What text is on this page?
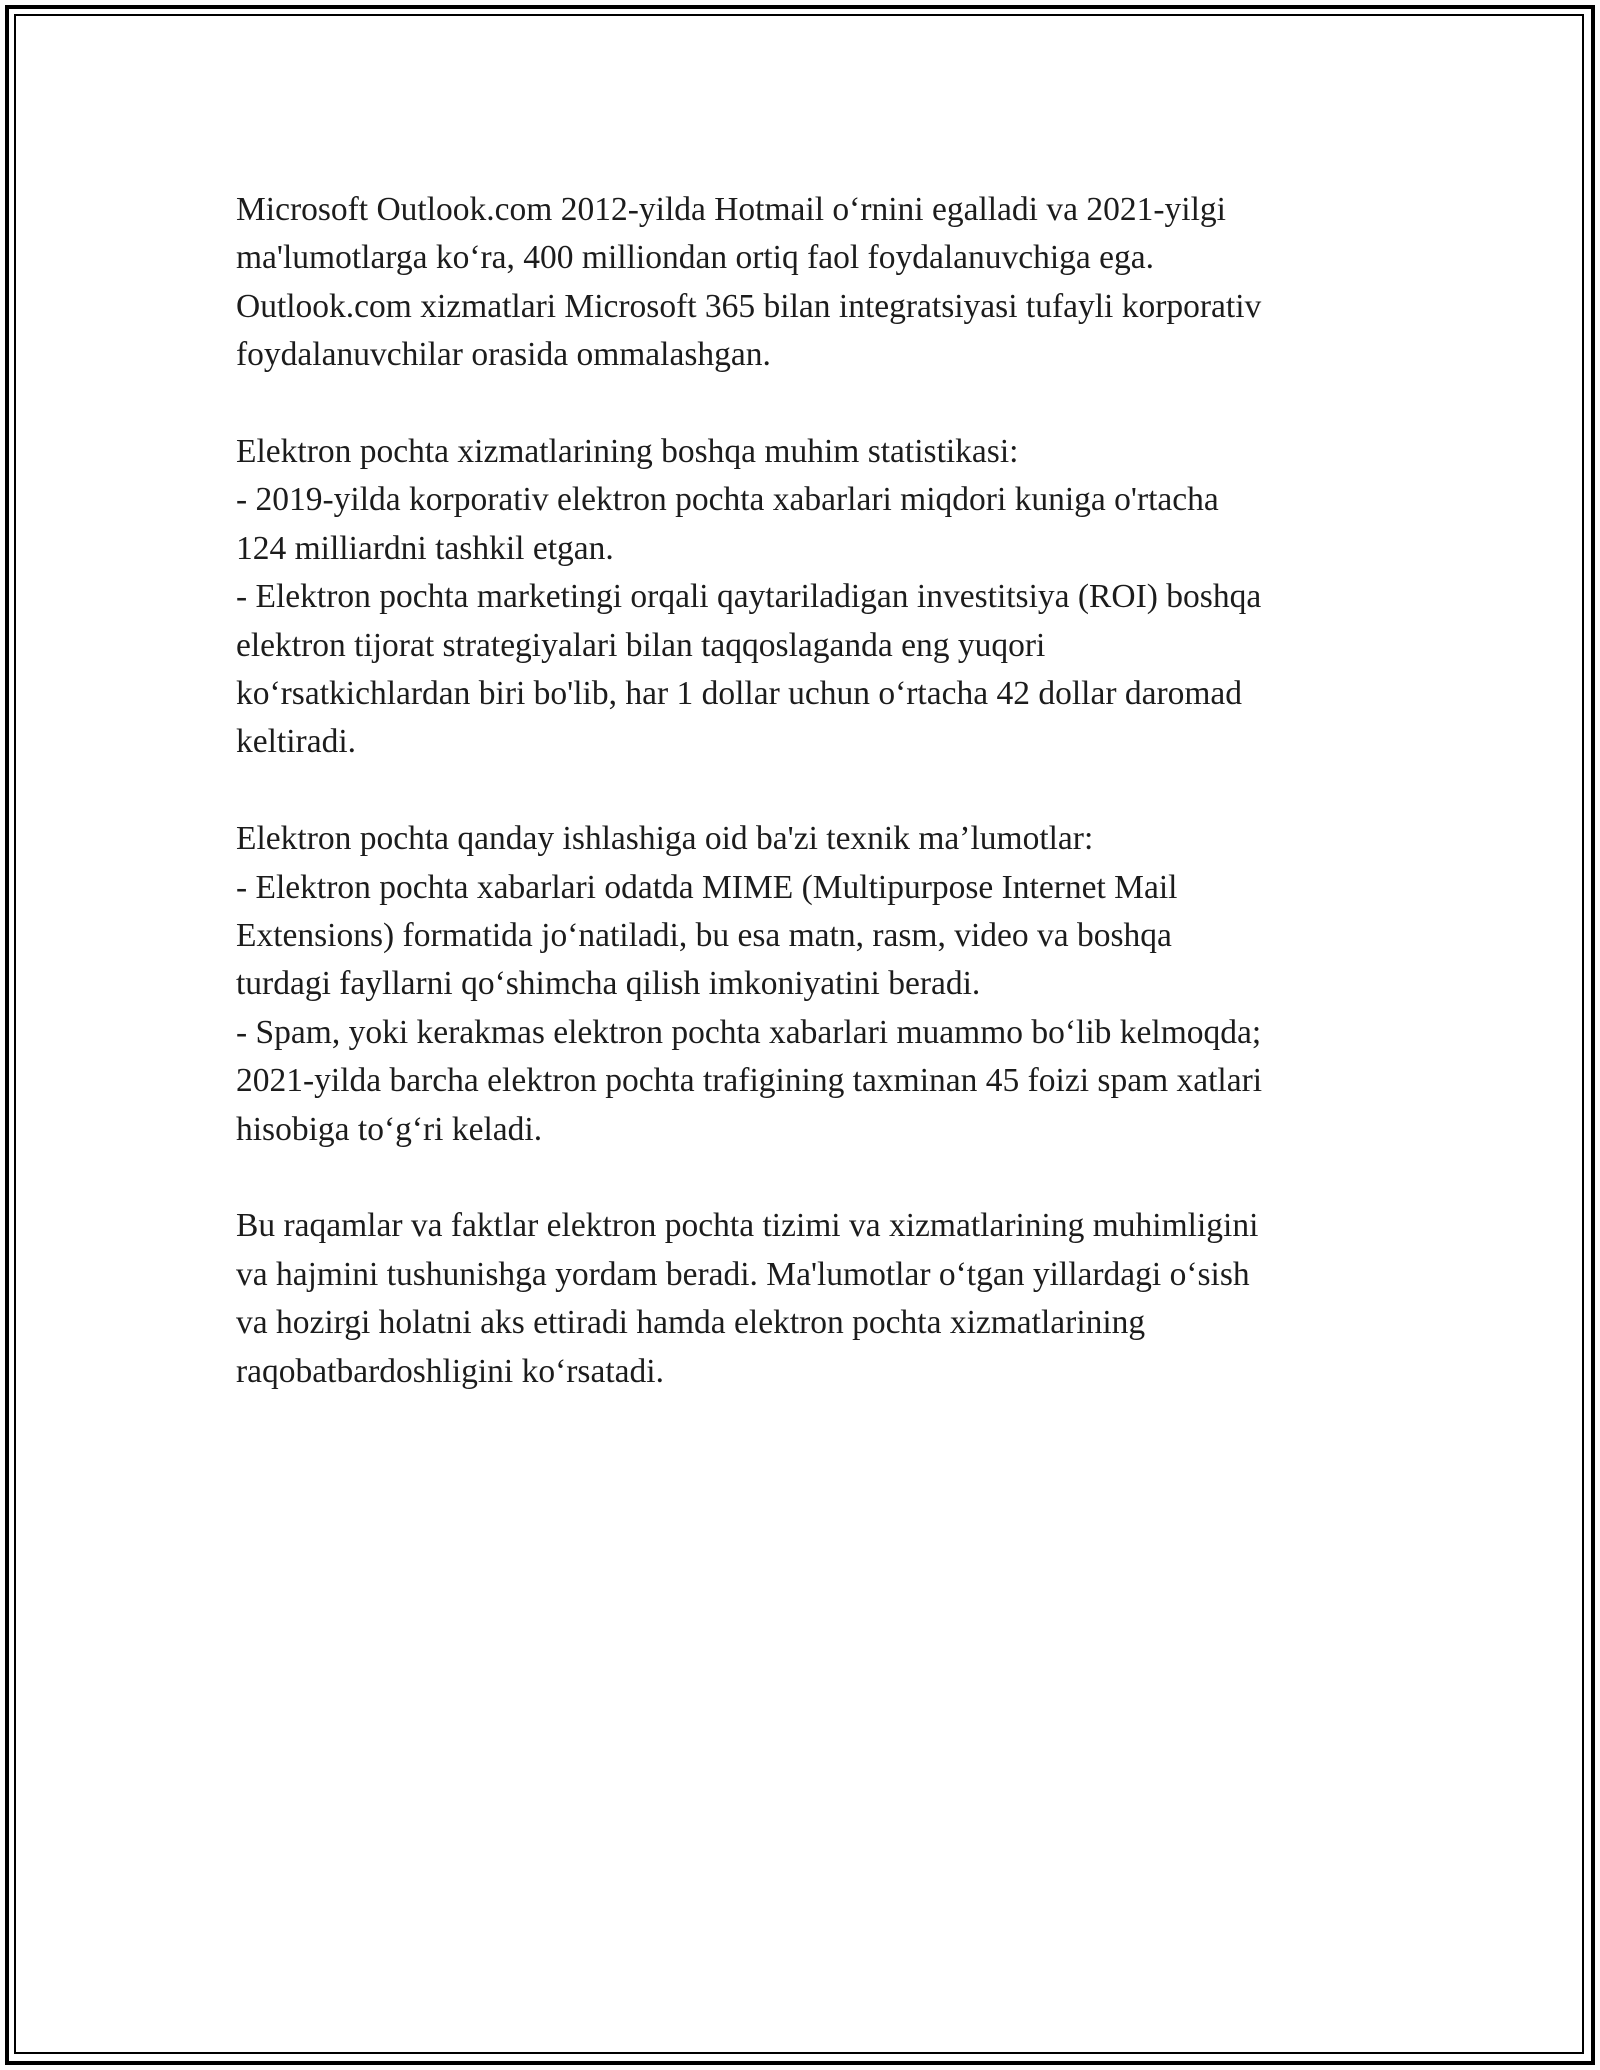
Microsoft Outlook.com 2012-yilda Hotmail o‘rnini egalladi va 2021-yilgi
ma'lumotlarga ko‘ra, 400 milliondan ortiq faol foydalanuvchiga ega.
Outlook.com xizmatlari Microsoft 365 bilan integratsiyasi tufayli korporativ
foydalanuvchilar orasida ommalashgan.

Elektron pochta xizmatlarining boshqa muhim statistikasi:
- 2019-yilda korporativ elektron pochta xabarlari miqdori kuniga o'rtacha
124 milliardni tashkil etgan.
- Elektron pochta marketingi orqali qaytariladigan investitsiya (ROI) boshqa
elektron tijorat strategiyalari bilan taqqoslaganda eng yuqori
ko‘rsatkichlardan biri bo'lib, har 1 dollar uchun o‘rtacha 42 dollar daromad
keltiradi.

Elektron pochta qanday ishlashiga oid ba'zi texnik ma’lumotlar:
- Elektron pochta xabarlari odatda MIME (Multipurpose Internet Mail
Extensions) formatida jo‘natiladi, bu esa matn, rasm, video va boshqa
turdagi fayllarni qo‘shimcha qilish imkoniyatini beradi.
- Spam, yoki kerakmas elektron pochta xabarlari muammo bo‘lib kelmoqda;
2021-yilda barcha elektron pochta trafigining taxminan 45 foizi spam xatlari
hisobiga to‘g‘ri keladi.

Bu raqamlar va faktlar elektron pochta tizimi va xizmatlarining muhimligini
va hajmini tushunishga yordam beradi. Ma'lumotlar o‘tgan yillardagi o‘sish
va hozirgi holatni aks ettiradi hamda elektron pochta xizmatlarining
raqobatbardoshligini ko‘rsatadi.
